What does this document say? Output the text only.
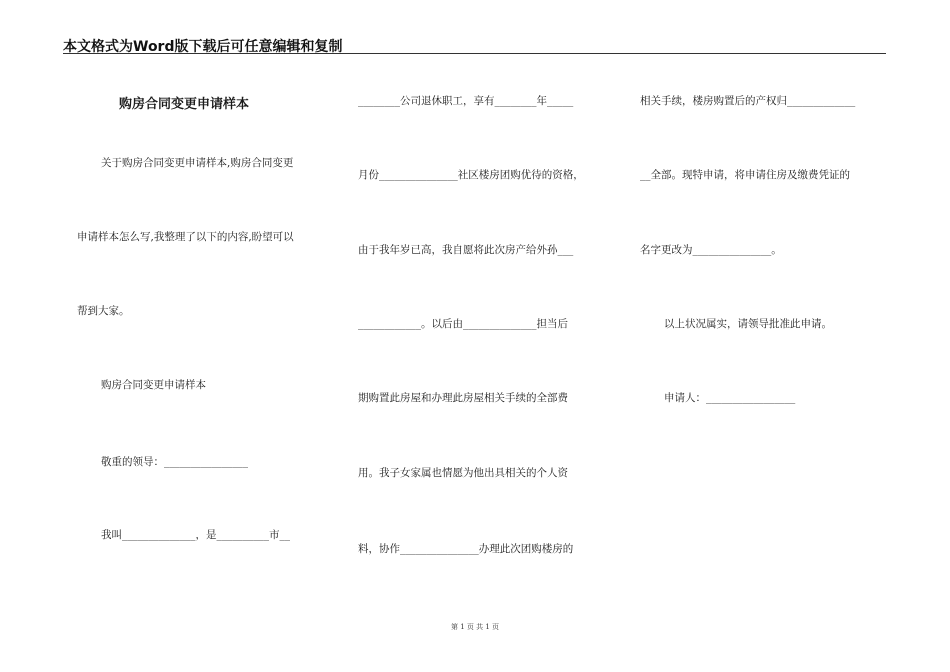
本文格式为Word版下载后可任意编辑和复制
购房合同变更申请样本
关于购房合同变更申请样本,购房合同变更
申请样本怎么写,我整理了以下的内容,盼望可以
帮到大家。
购房合同变更申请样本
敬重的领导：________________
我叫______________，是__________市__
________公司退休职工，享有________年_____
月份_______________社区楼房团购优待的资格，
由于我年岁已高，我自愿将此次房产给外孙___
____________。以后由______________担当后
期购置此房屋和办理此房屋相关手续的全部费
用。我子女家属也情愿为他出具相关的个人资
料，协作_______________办理此次团购楼房的
相关手续，楼房购置后的产权归_____________
__全部。现特申请，将申请住房及缴费凭证的
名字更改为_______________。
以上状况属实，请领导批准此申请。
申请人：_________________
第 1 页 共 1 页
